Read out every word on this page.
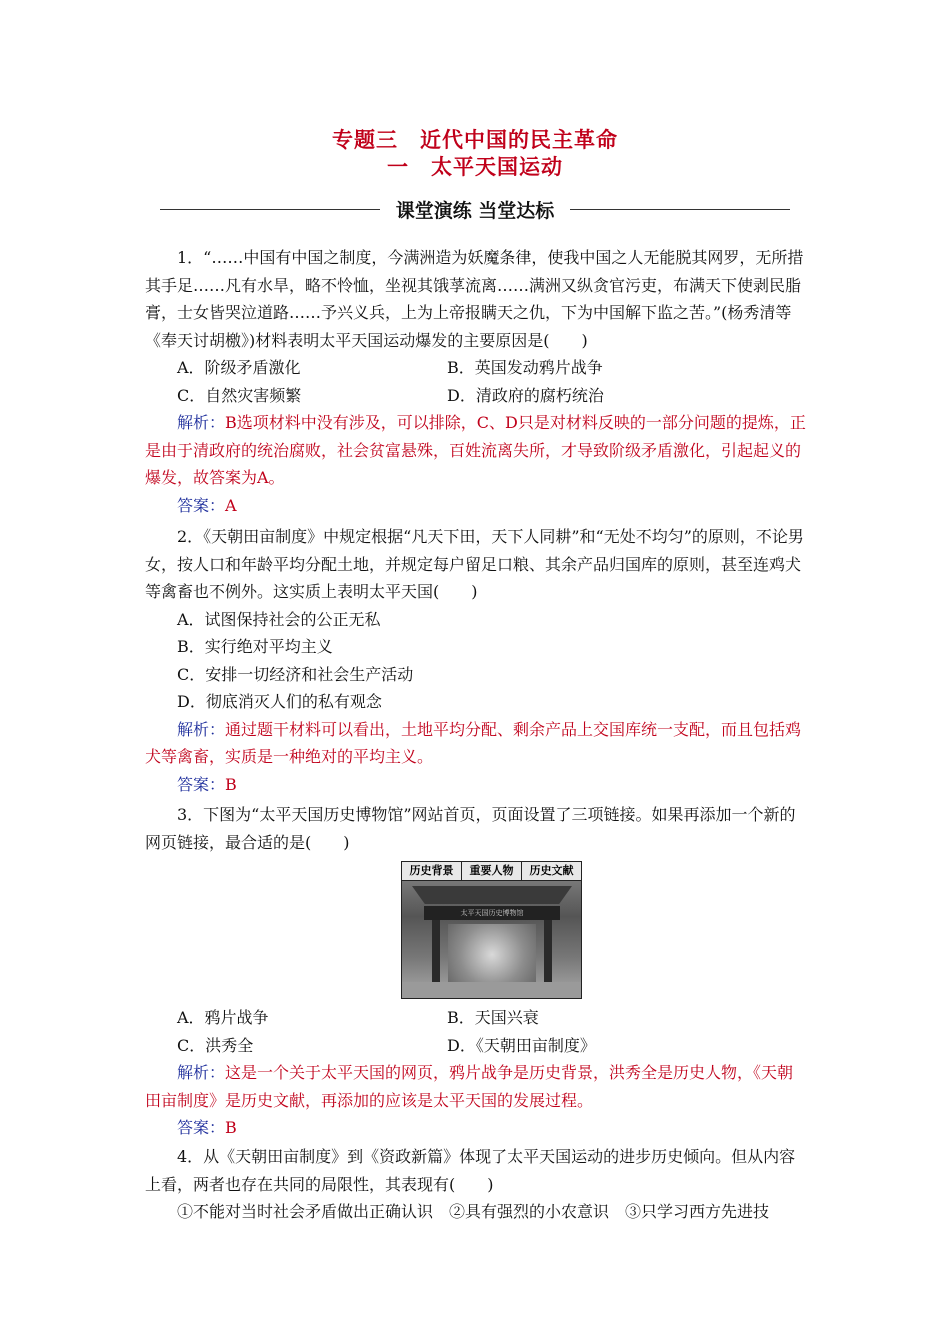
专题三　近代中国的民主革命
一　太平天国运动
课堂演练 当堂达标

1．“……中国有中国之制度，今满洲造为妖魔条律，使我中国之人无能脱其网罗，无所措其手足……凡有水旱，略不怜恤，坐视其饿莩流离……满洲又纵贪官污吏，布满天下使剥民脂膏，士女皆哭泣道路……予兴义兵，上为上帝报瞒天之仇，下为中国解下监之苦。”(杨秀清等《奉天讨胡檄》)材料表明太平天国运动爆发的主要原因是(　　)

A．阶级矛盾激化	B．英国发动鸦片战争
C．自然灾害频繁	D．清政府的腐朽统治

解析：B选项材料中没有涉及，可以排除，C、D只是对材料反映的一部分问题的提炼，正是由于清政府的统治腐败，社会贫富悬殊，百姓流离失所，才导致阶级矛盾激化，引起起义的爆发，故答案为A。

答案：A

2．《天朝田亩制度》中规定根据“凡天下田，天下人同耕”和“无处不均匀”的原则，不论男女，按人口和年龄平均分配土地，并规定每户留足口粮、其余产品归国库的原则，甚至连鸡犬等禽畜也不例外。这实质上表明太平天国(　　)

A．试图保持社会的公正无私

B．实行绝对平均主义

C．安排一切经济和社会生产活动

D．彻底消灭人们的私有观念

解析：通过题干材料可以看出，土地平均分配、剩余产品上交国库统一支配，而且包括鸡犬等禽畜，实质是一种绝对的平均主义。

答案：B

3．下图为“太平天国历史博物馆”网站首页，页面设置了三项链接。如果再添加一个新的网页链接，最合适的是(　　)

历史背景	重要人物	历史文献
太平天国历史博物馆
A．鸦片战争	B．天国兴衰
C．洪秀全	D．《天朝田亩制度》

解析：这是一个关于太平天国的网页，鸦片战争是历史背景，洪秀全是历史人物，《天朝田亩制度》是历史文献，再添加的应该是太平天国的发展过程。

答案：B

4．从《天朝田亩制度》到《资政新篇》体现了太平天国运动的进步历史倾向。但从内容上看，两者也存在共同的局限性，其表现有(　　)

①不能对当时社会矛盾做出正确认识　②具有强烈的小农意识　③只学习西方先进技
